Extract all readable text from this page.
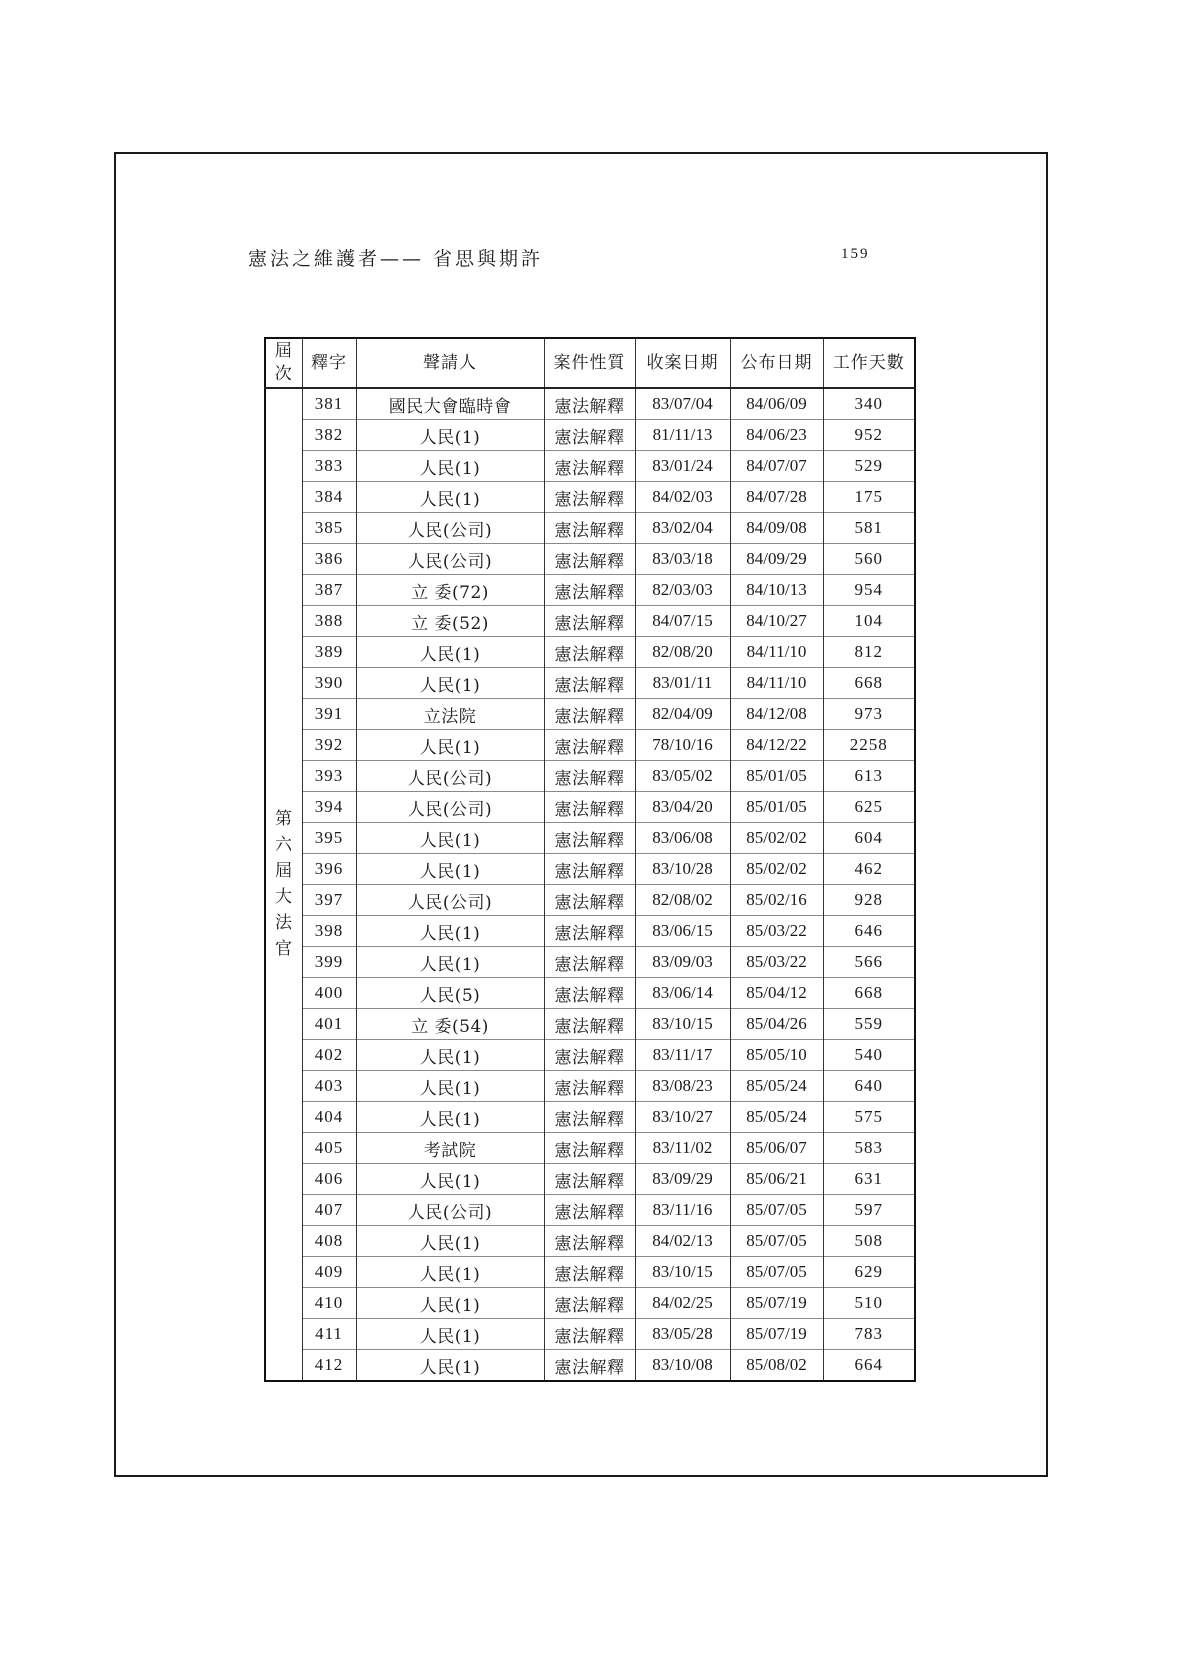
憲法之維護者—— 省思與期許	159
屆次	釋字	聲請人	案件性質	收案日期	公布日期	工作天數

第
六
屆
大
法
官
	381	國民大會臨時會	憲法解釋	83/07/04	84/06/09	340
	382	人民(1)	憲法解釋	81/11/13	84/06/23	952
	383	人民(1)	憲法解釋	83/01/24	84/07/07	529
	384	人民(1)	憲法解釋	84/02/03	84/07/28	175
	385	人民(公司)	憲法解釋	83/02/04	84/09/08	581
	386	人民(公司)	憲法解釋	83/03/18	84/09/29	560
	387	立 委(72)	憲法解釋	82/03/03	84/10/13	954
	388	立 委(52)	憲法解釋	84/07/15	84/10/27	104
	389	人民(1)	憲法解釋	82/08/20	84/11/10	812
	390	人民(1)	憲法解釋	83/01/11	84/11/10	668
	391	立法院	憲法解釋	82/04/09	84/12/08	973
	392	人民(1)	憲法解釋	78/10/16	84/12/22	2258
	393	人民(公司)	憲法解釋	83/05/02	85/01/05	613
	394	人民(公司)	憲法解釋	83/04/20	85/01/05	625
	395	人民(1)	憲法解釋	83/06/08	85/02/02	604
	396	人民(1)	憲法解釋	83/10/28	85/02/02	462
	397	人民(公司)	憲法解釋	82/08/02	85/02/16	928
	398	人民(1)	憲法解釋	83/06/15	85/03/22	646
	399	人民(1)	憲法解釋	83/09/03	85/03/22	566
	400	人民(5)	憲法解釋	83/06/14	85/04/12	668
	401	立 委(54)	憲法解釋	83/10/15	85/04/26	559
	402	人民(1)	憲法解釋	83/11/17	85/05/10	540
	403	人民(1)	憲法解釋	83/08/23	85/05/24	640
	404	人民(1)	憲法解釋	83/10/27	85/05/24	575
	405	考試院	憲法解釋	83/11/02	85/06/07	583
	406	人民(1)	憲法解釋	83/09/29	85/06/21	631
	407	人民(公司)	憲法解釋	83/11/16	85/07/05	597
	408	人民(1)	憲法解釋	84/02/13	85/07/05	508
	409	人民(1)	憲法解釋	83/10/15	85/07/05	629
	410	人民(1)	憲法解釋	84/02/25	85/07/19	510
	411	人民(1)	憲法解釋	83/05/28	85/07/19	783
	412	人民(1)	憲法解釋	83/10/08	85/08/02	664
